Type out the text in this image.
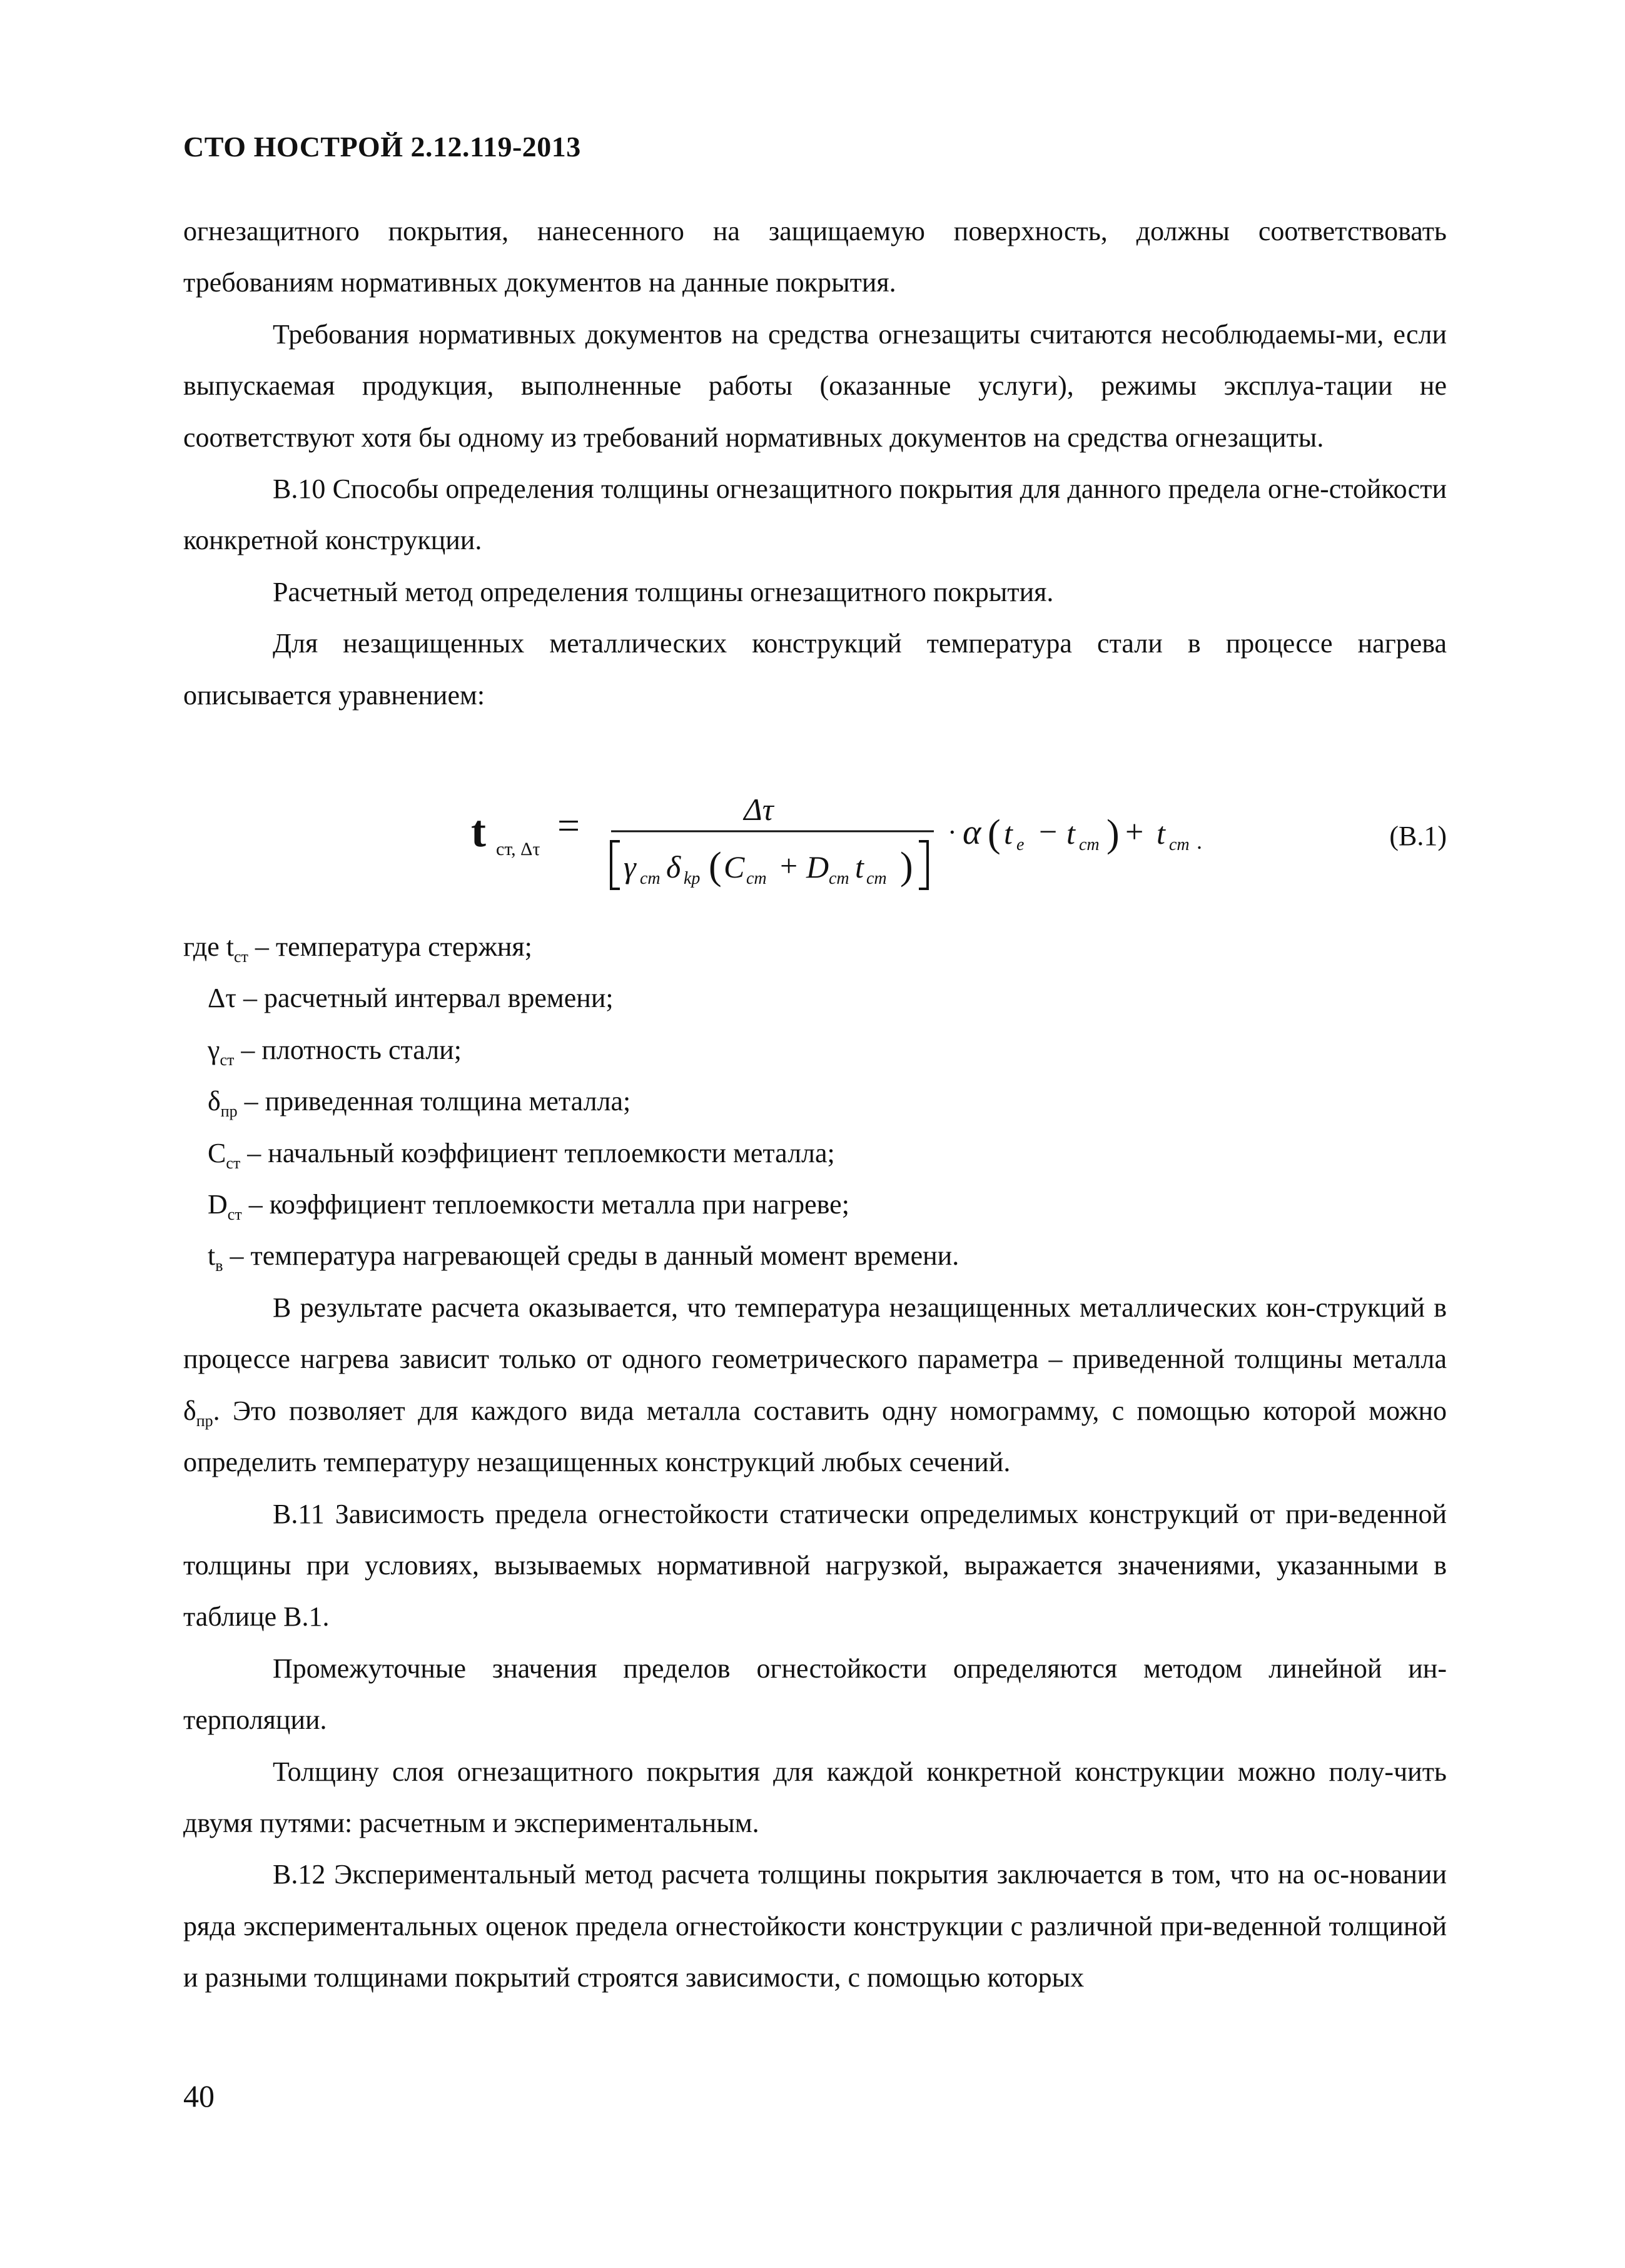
СТО НОСТРОЙ 2.12.119-2013

огнезащитного покрытия, нанесенного на защищаемую поверхность, должны соответствовать требованиям нормативных документов на данные покрытия.

Требования нормативных документов на средства огнезащиты считаются несоблюдаемы-ми, если выпускаемая продукция, выполненные работы (оказанные услуги), режимы эксплуа-тации не соответствуют хотя бы одному из требований нормативных документов на средства огнезащиты.

В.10 Способы определения толщины огнезащитного покрытия для данного предела огне-стойкости конкретной конструкции.

Расчетный метод определения толщины огнезащитного покрытия.

Для незащищенных металлических конструкций температура стали в процессе нагрева описывается уравнением:

t ст, Δτ
=	Δτ
γ cm δ kp ( C cm + D cm t cm )
· α ( t e − t cm ) + t cm .	(В.1)

где $t_{ст}$ – температура стержня;

Δτ – расчетный интервал времени;

$\gamma_{ст}$ – плотность стали;

$\delta_{пр}$ – приведенная толщина металла;

$С_{ст}$ – начальный коэффициент теплоемкости металла;

$D_{ст}$ – коэффициент теплоемкости металла при нагреве;

$t_в$ – температура нагревающей среды в данный момент времени.

В результате расчета оказывается, что температура незащищенных металлических кон-струкций в процессе нагрева зависит только от одного геометрического параметра – приведенной толщины металла $\delta_{пр}$. Это позволяет для каждого вида металла составить одну номограмму, с помощью которой можно определить температуру незащищенных конструкций любых сечений.

В.11 Зависимость предела огнестойкости статически определимых конструкций от при-веденной толщины при условиях, вызываемых нормативной нагрузкой, выражается значениями, указанными в таблице В.1.

Промежуточные значения пределов огнестойкости определяются методом линейной ин-терполяции.

Толщину слоя огнезащитного покрытия для каждой конкретной конструкции можно полу-чить двумя путями: расчетным и экспериментальным.

В.12 Экспериментальный метод расчета толщины покрытия заключается в том, что на ос-новании ряда экспериментальных оценок предела огнестойкости конструкции с различной при-веденной толщиной и разными толщинами покрытий строятся зависимости, с помощью которых

40
